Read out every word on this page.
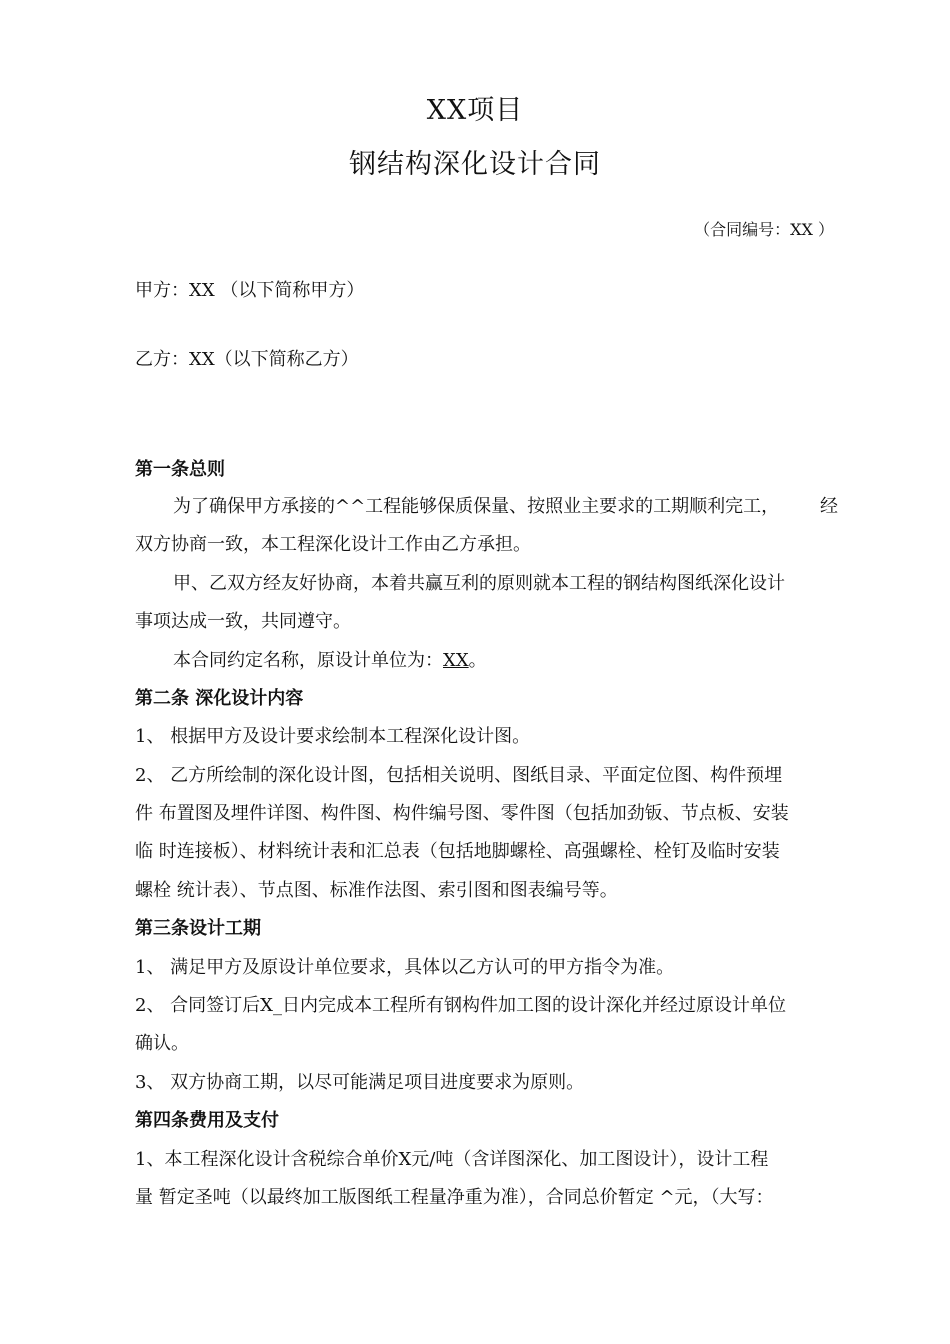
XX项目
钢结构深化设计合同
（合同编号：XX ）
甲方：XX （以下简称甲方）
乙方：XX（以下简称乙方）
第一条总则
为了确保甲方承接的^^工程能够保质保量、按照业主要求的工期顺利完工， 经
双方协商一致，本工程深化设计工作由乙方承担。
甲、乙双方经友好协商，本着共赢互利的原则就本工程的钢结构图纸深化设计
事项达成一致，共同遵守。
本合同约定名称，原设计单位为：XX。
第二条 深化设计内容
1、 根据甲方及设计要求绘制本工程深化设计图。
2、 乙方所绘制的深化设计图，包括相关说明、图纸目录、平面定位图、构件预埋
件 布置图及埋件详图、构件图、构件编号图、零件图（包括加劲钣、节点板、安装
临 时连接板）、材料统计表和汇总表（包括地脚螺栓、高强螺栓、栓钉及临时安装
螺栓 统计表）、节点图、标准作法图、索引图和图表编号等。
第三条设计工期
1、 满足甲方及原设计单位要求，具体以乙方认可的甲方指令为准。
2、 合同签订后X_日内完成本工程所有钢构件加工图的设计深化并经过原设计单位
确认。
3、 双方协商工期，以尽可能满足项目进度要求为原则。
第四条费用及支付
1、本工程深化设计含税综合单价X元/吨（含详图深化、加工图设计），设计工程
量 暂定圣吨（以最终加工版图纸工程量净重为准），合同总价暂定 ^元，（大写：
